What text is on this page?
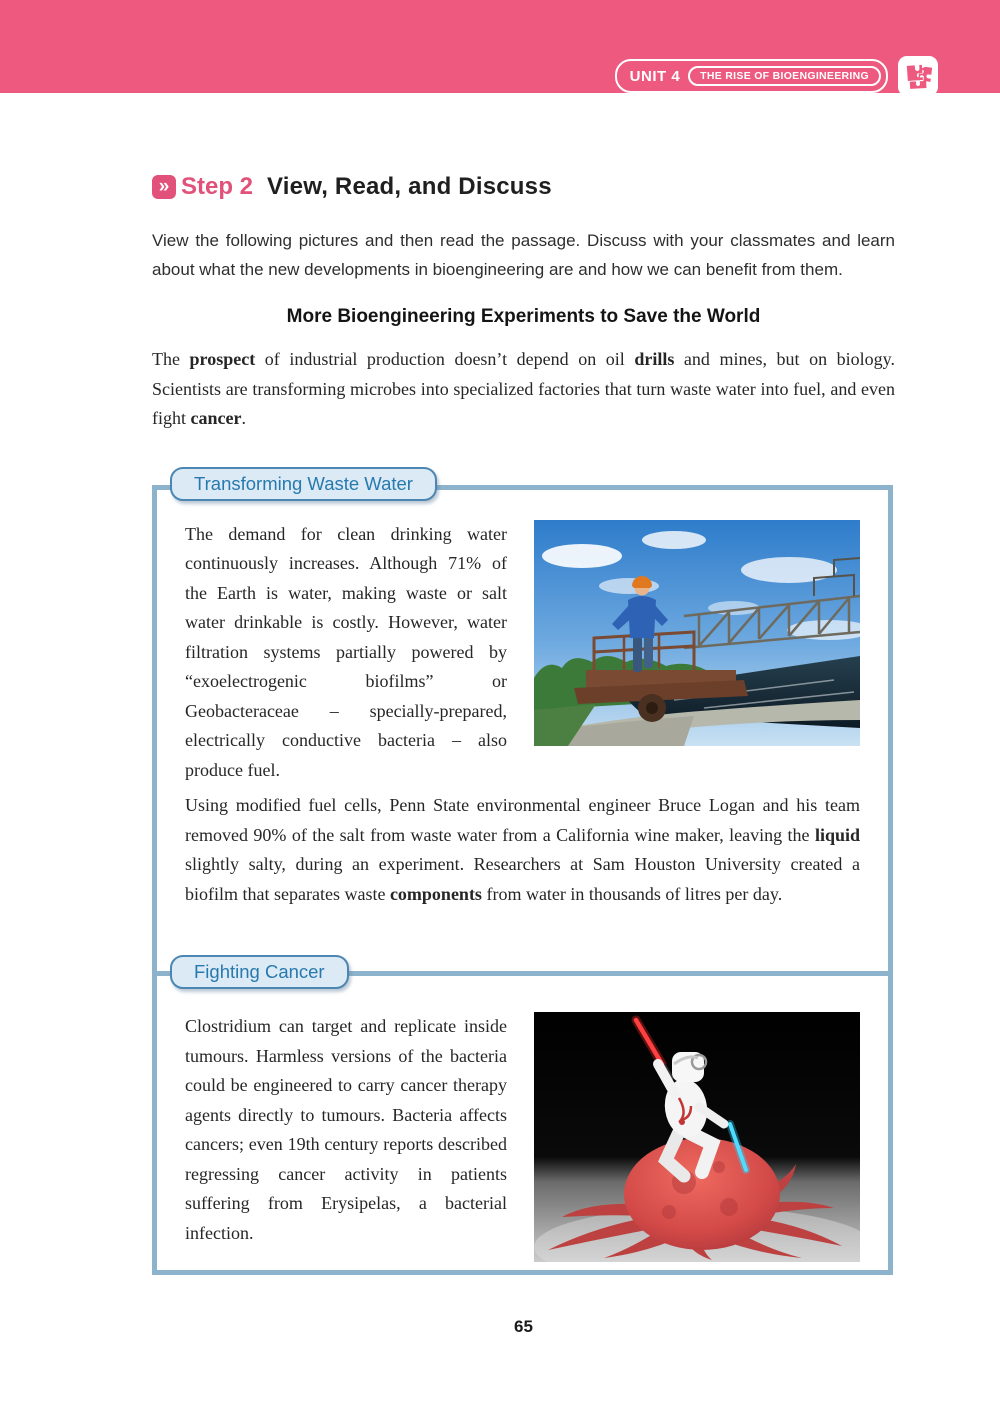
UNIT 4	THE RISE OF BIOENGINEERING
» Step 2 View, Read, and Discuss

View the following pictures and then read the passage. Discuss with your classmates and learn about what the new developments in bioengineering are and how we can benefit from them.

More Bioengineering Experiments to Save the World

The prospect of industrial production doesn’t depend on oil drills and mines, but on biology. Scientists are transforming microbes into specialized factories that turn waste water into fuel, and even fight cancer.

Transforming Waste Water
The demand for clean drinking water continuously increases. Although 71% of the Earth is water, making waste or salt water drinkable is costly. However, water filtration systems partially powered by “exoelectrogenic biofilms” or Geobacteraceae – specially-prepared, electrically conductive bacteria – also produce fuel.

Using modified fuel cells, Penn State environmental engineer Bruce Logan and his team removed 90% of the salt from waste water from a California wine maker, leaving the liquid slightly salty, during an experiment. Researchers at Sam Houston University created a biofilm that separates waste components from water in thousands of litres per day.

Fighting Cancer
Clostridium can target and replicate inside tumours. Harmless versions of the bacteria could be engineered to carry cancer therapy agents directly to tumours. Bacteria affects cancers; even 19th century reports described regressing cancer activity in patients suffering from Erysipelas, a bacterial infection.
65
